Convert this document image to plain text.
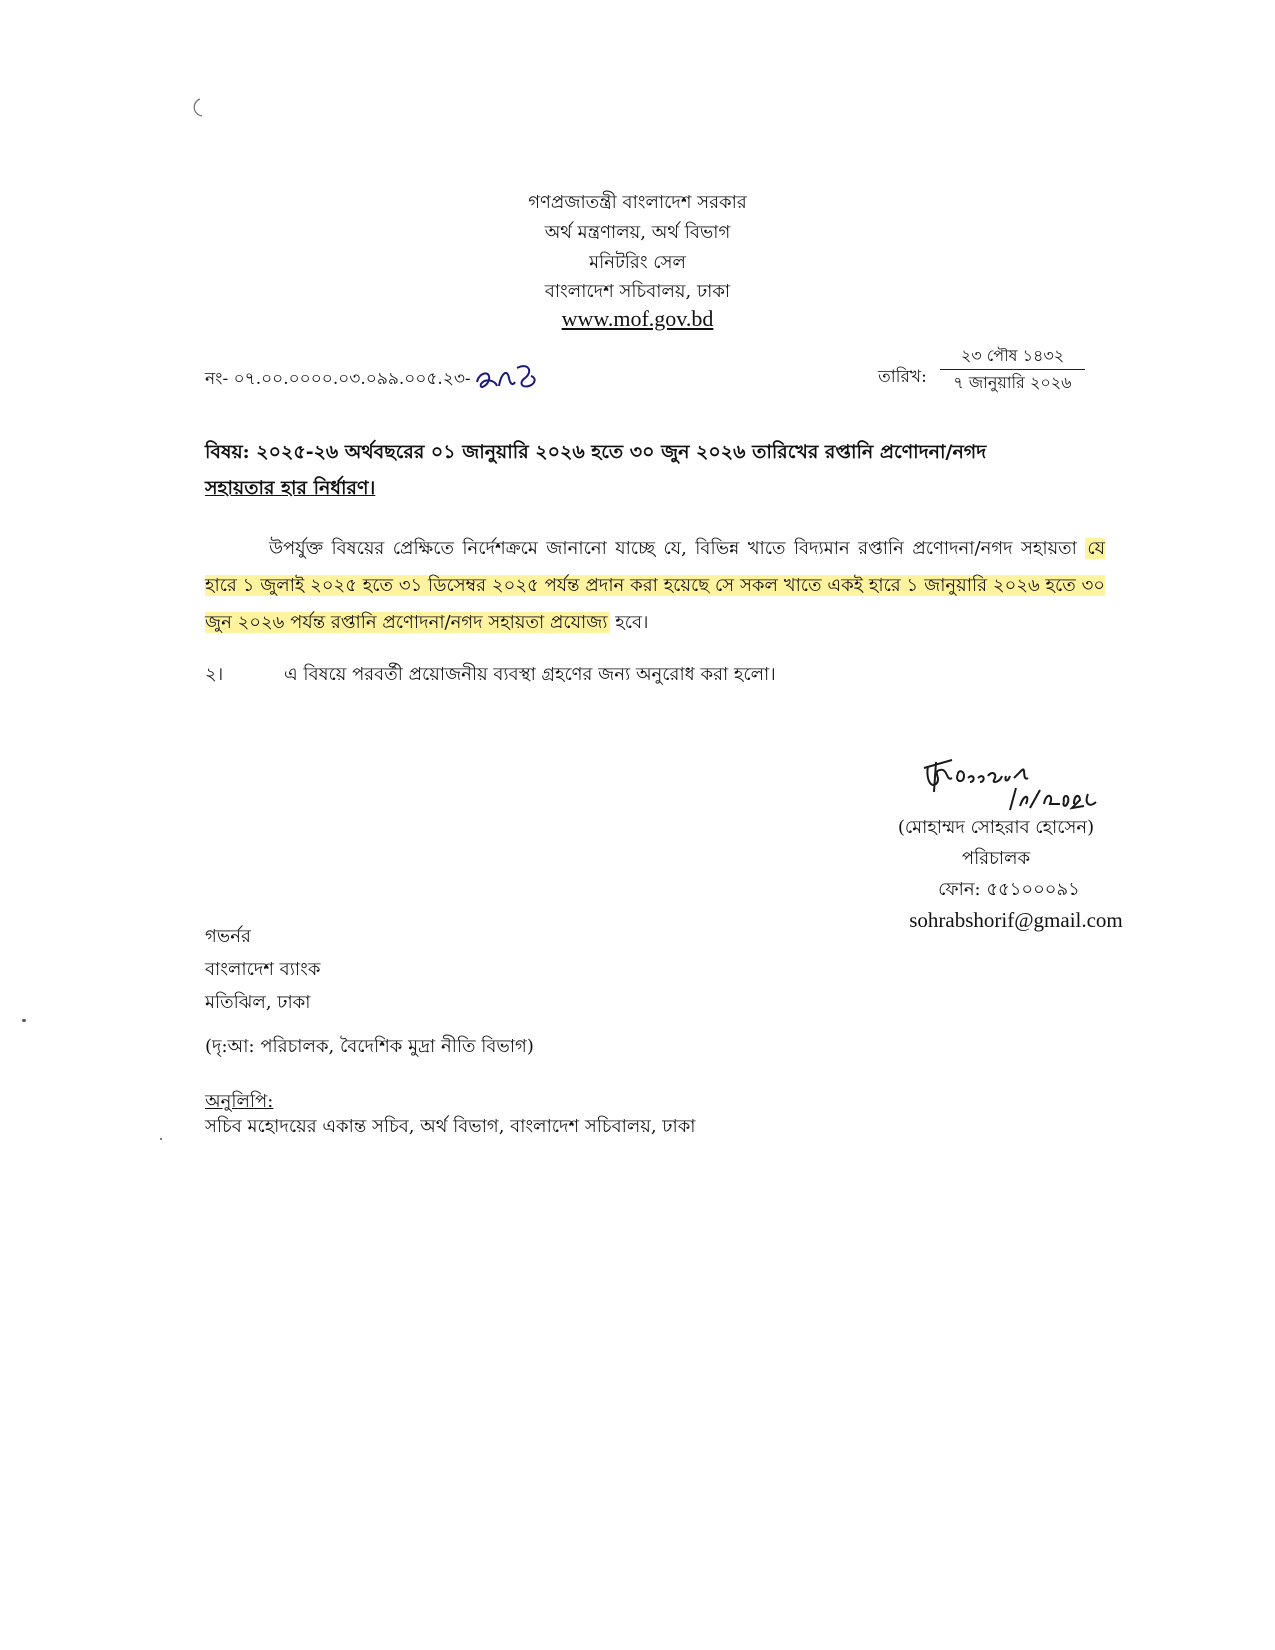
গণপ্রজাতন্ত্রী বাংলাদেশ সরকার
অর্থ মন্ত্রণালয়, অর্থ বিভাগ
মনিটরিং সেল
বাংলাদেশ সচিবালয়, ঢাকা
www.mof.gov.bd
নং- ০৭.০০.০০০০.০৩.০৯৯.০০৫.২৩-	তারিখ:
২৩ পৌষ ১৪৩২
৭ জানুয়ারি ২০২৬
বিষয়: ২০২৫-২৬ অর্থবছরের ০১ জানুয়ারি ২০২৬ হতে ৩০ জুন ২০২৬ তারিখের রপ্তানি প্রণোদনা/নগদ
সহায়তার হার নির্ধারণ।
উপর্যুক্ত বিষয়ের প্রেক্ষিতে নির্দেশক্রমে জানানো যাচ্ছে যে, বিভিন্ন খাতে বিদ্যমান রপ্তানি প্রণোদনা/নগদ সহায়তা যে হারে ১ জুলাই ২০২৫ হতে ৩১ ডিসেম্বর ২০২৫ পর্যন্ত প্রদান করা হয়েছে সে সকল খাতে একই হারে ১ জানুয়ারি ২০২৬ হতে ৩০ জুন ২০২৬ পর্যন্ত রপ্তানি প্রণোদনা/নগদ সহায়তা প্রযোজ্য হবে।
২।	এ বিষয়ে পরবর্তী প্রয়োজনীয় ব্যবস্থা গ্রহণের জন্য অনুরোধ করা হলো।
(মোহাম্মদ সোহরাব হোসেন)
পরিচালক
ফোন: ৫৫১০০০৯১
sohrabshorif@gmail.com
গভর্নর
বাংলাদেশ ব্যাংক
মতিঝিল, ঢাকা
(দৃ:আ: পরিচালক, বৈদেশিক মুদ্রা নীতি বিভাগ)
অনুলিপি:
সচিব মহোদয়ের একান্ত সচিব, অর্থ বিভাগ, বাংলাদেশ সচিবালয়, ঢাকা
